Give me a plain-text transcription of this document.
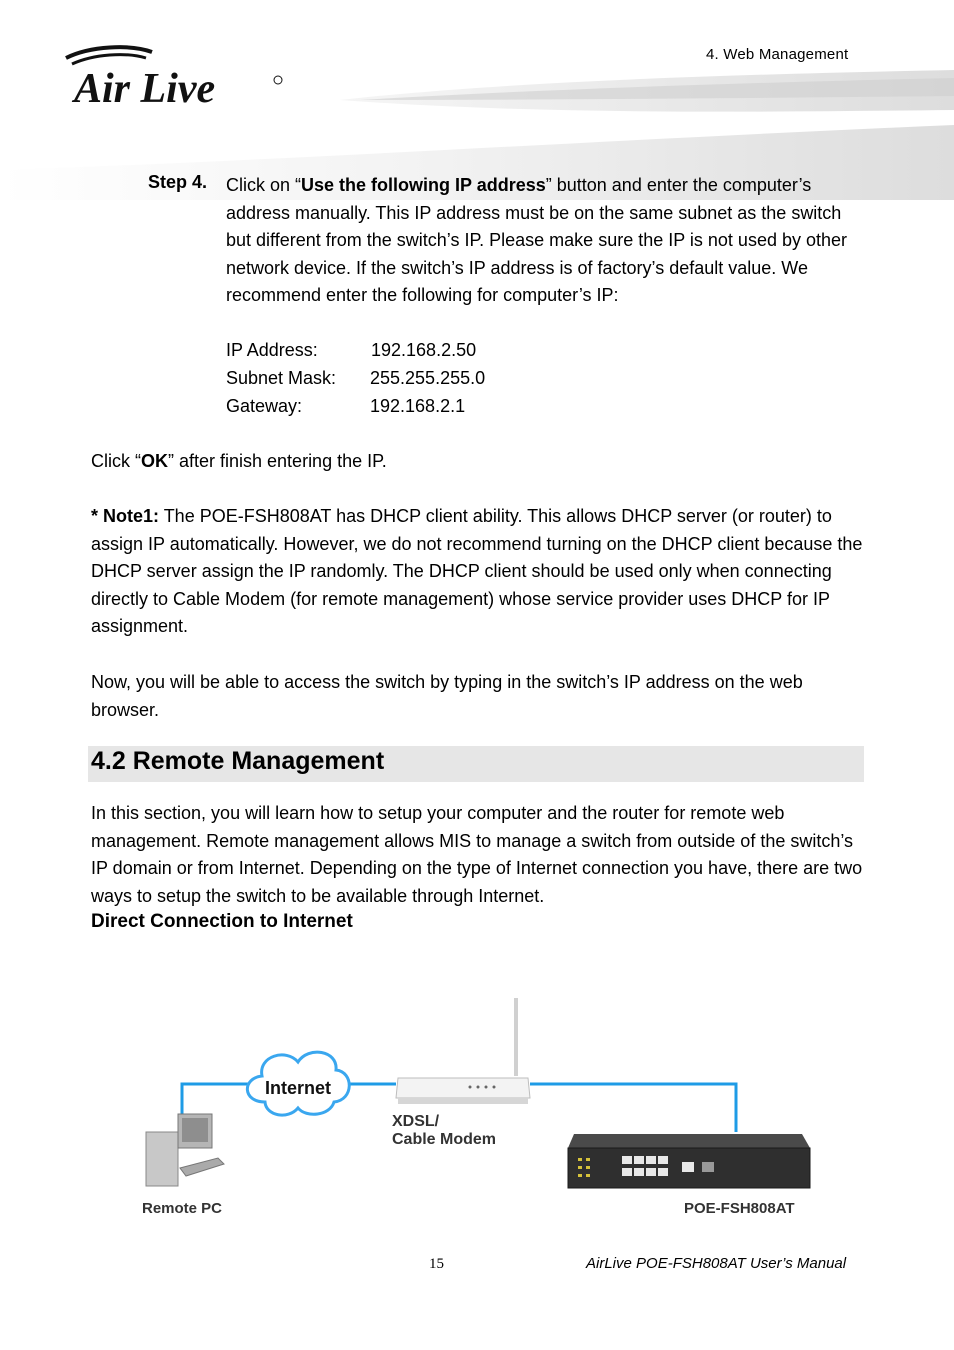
Air Live
4. Web Management
Step 4. Click on “Use the following IP address” button and enter the computer’s address manually. This IP address must be on the same subnet as the switch but different from the switch’s IP. Please make sure the IP is not used by other network device. If the switch’s IP address is of factory’s default value. We recommend enter the following for computer’s IP:
IP Address:	192.168.2.50
Subnet Mask: 255.255.255.0
Gateway:	192.168.2.1
Click “OK” after finish entering the IP.
* Note1: The POE-FSH808AT has DHCP client ability. This allows DHCP server (or router) to assign IP automatically. However, we do not recommend turning on the DHCP client because the DHCP server assign the IP randomly. The DHCP client should be used only when connecting directly to Cable Modem (for remote management) whose service provider uses DHCP for IP assignment.
Now, you will be able to access the switch by typing in the switch’s IP address on the web browser.
4.2 Remote Management
In this section, you will learn how to setup your computer and the router for remote web management. Remote management allows MIS to manage a switch from outside of the switch’s IP domain or from Internet. Depending on the type of Internet connection you have, there are two ways to setup the switch to be available through Internet.
Direct Connection to Internet
Internet
XDSL/
Cable Modem
Remote PC	POE-FSH808AT
15	AirLive POE-FSH808AT User’s Manual
